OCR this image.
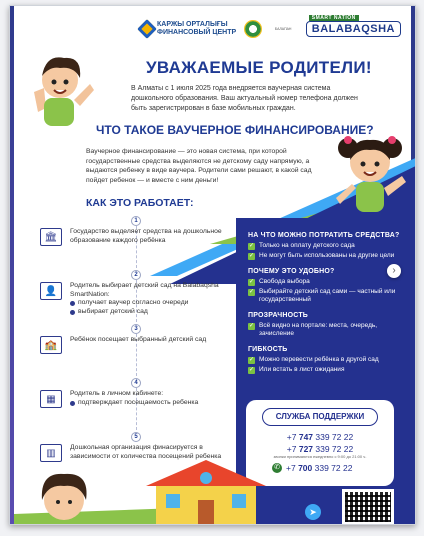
КАРЖЫ ОРТАЛЫҒЫ
ФИНАНСОВЫЙ ЦЕНТР	БАЛАПАН
SMART NATION
BALABAQSHA
УВАЖАЕМЫЕ РОДИТЕЛИ!

В Алматы с 1 июля 2025 года внедряется ваучерная система дошкольного образования. Ваш актуальный номер телефона должен быть зарегистрирован в базе мобильных граждан.

ЧТО ТАКОЕ ВАУЧЕРНОЕ ФИНАНСИРОВАНИЕ?

Ваучерное финансирование — это новая система, при которой государственные средства выделяются не детскому саду напрямую, а выдаются ребенку в виде ваучера. Родители сами решают, в какой сад пойдет ребенок — и вместе с ним деньги!

КАК ЭТО РАБОТАЕТ:
1
🏛	Государство выделяет средства на дошкольное образование каждого ребёнка
2
👤	Родитель выбирает детский сад на Balabaqsha SmartNation:
получает ваучер согласно очереди
выбирает детский сад
3
🏫	Ребёнок посещает выбранный детский сад
4
▦	Родитель в личном кабинете:
подтверждает посещаемость ребенка
5
▥	Дошкольная организация финасируется в зависимости от количества посещений ребенка
НА ЧТО МОЖНО ПОТРАТИТЬ СРЕДСТВА?
✓ Только на оплату детского сада
✓ Не могут быть использованы на другие цели
ПОЧЕМУ ЭТО УДОБНО?
✓ Свобода выбора
✓ Выбирайте детский сад сами — частный или государственный
ПРОЗРАЧНОСТЬ
✓ Всё видно на портале: места, очередь, зачисление
ГИБКОСТЬ
✓ Можно перевести ребёнка в другой сад
✓ Или встать в лист ожидания
СЛУЖБА ПОДДЕРЖКИ
+7 747 339 72 22
+7 727 339 72 22
звонки принимаются ежедневно с 9:00 до 21:00 ч.
✆ +7 700 339 72 22
➤
›
